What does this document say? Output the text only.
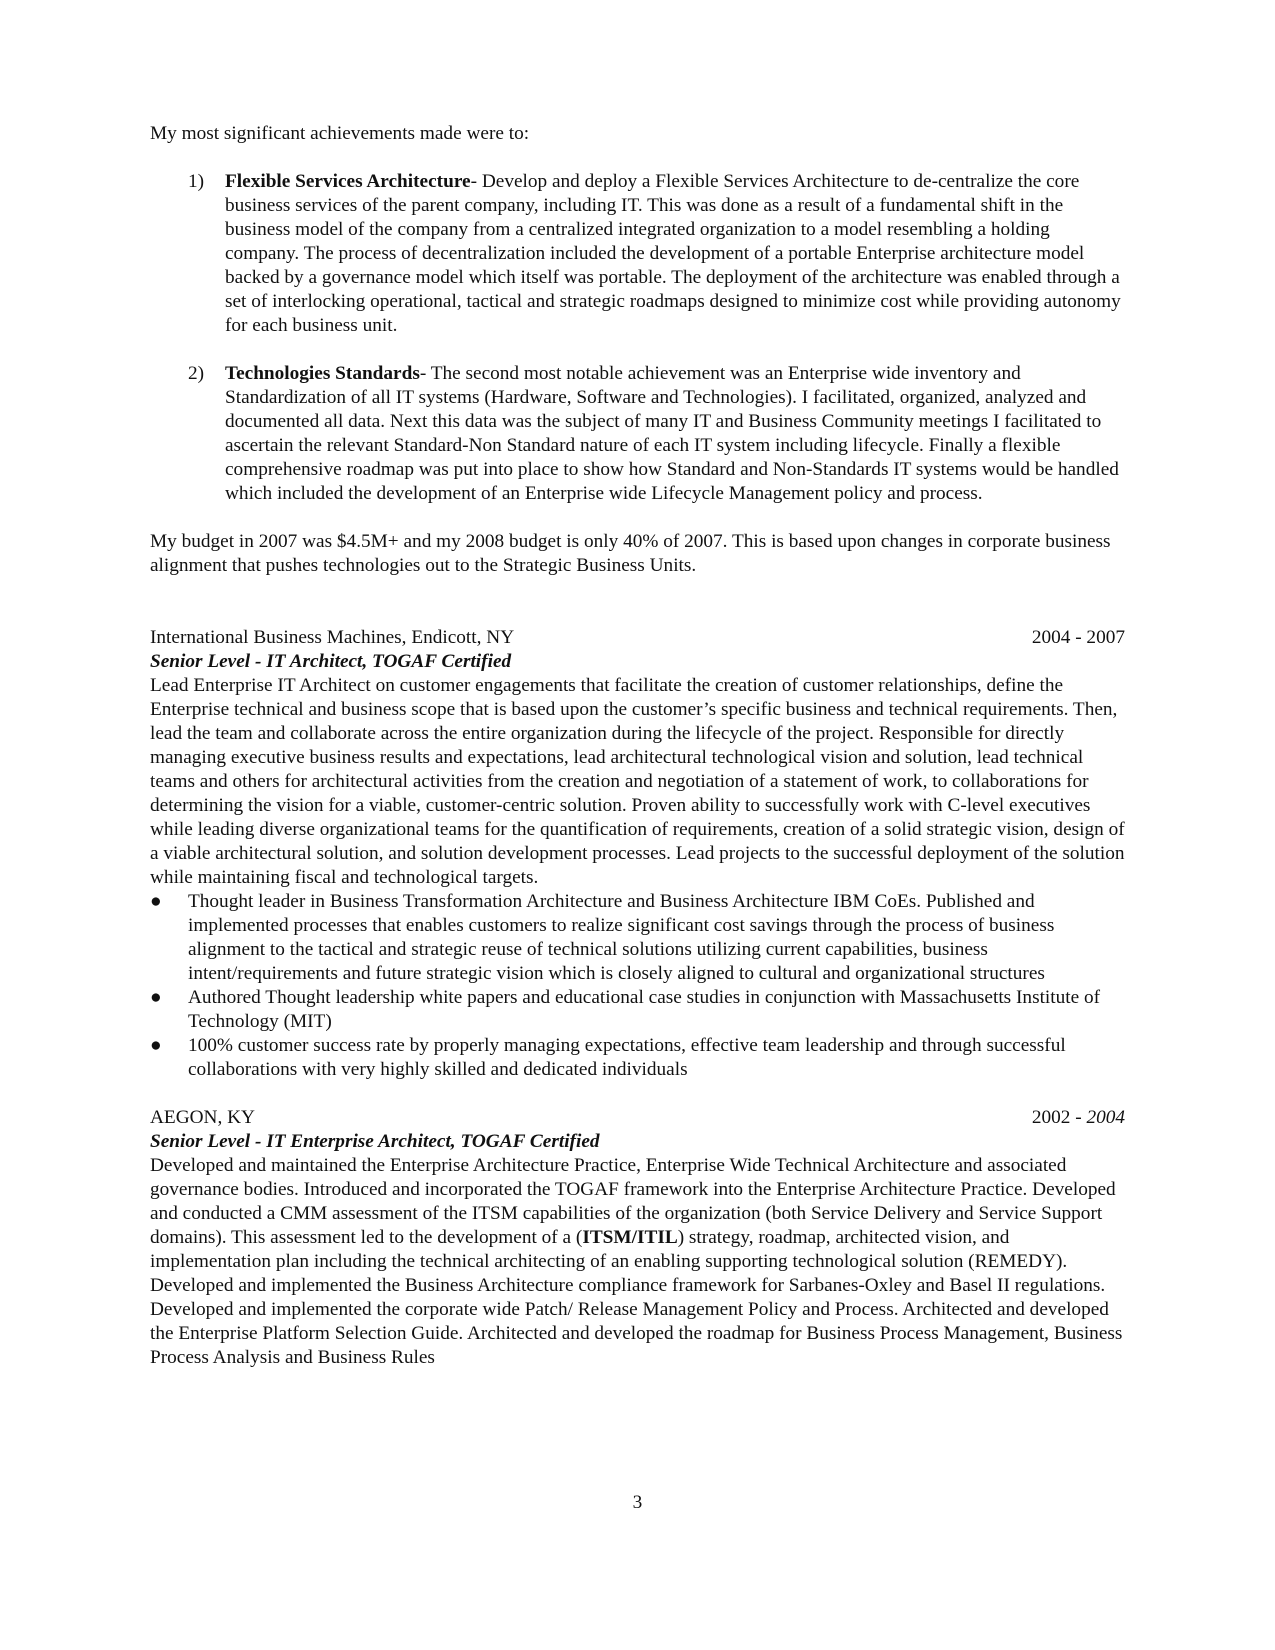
My most significant achievements made were to:

1) Flexible Services Architecture- Develop and deploy a Flexible Services Architecture to de-centralize the core business services of the parent company, including IT. This was done as a result of a fundamental shift in the business model of the company from a centralized integrated organization to a model resembling a holding company. The process of decentralization included the development of a portable Enterprise architecture model backed by a governance model which itself was portable. The deployment of the architecture was enabled through a set of interlocking operational, tactical and strategic roadmaps designed to minimize cost while providing autonomy for each business unit.
2) Technologies Standards- The second most notable achievement was an Enterprise wide inventory and Standardization of all IT systems (Hardware, Software and Technologies). I facilitated, organized, analyzed and documented all data. Next this data was the subject of many IT and Business Community meetings I facilitated to ascertain the relevant Standard-Non Standard nature of each IT system including lifecycle. Finally a flexible comprehensive roadmap was put into place to show how Standard and Non-Standards IT systems would be handled which included the development of an Enterprise wide Lifecycle Management policy and process.

My budget in 2007 was $4.5M+ and my 2008 budget is only 40% of 2007. This is based upon changes in corporate business alignment that pushes technologies out to the Strategic Business Units.

International Business Machines, Endicott, NY	2004 - 2007
Senior Level - IT Architect, TOGAF Certified

Lead Enterprise IT Architect on customer engagements that facilitate the creation of customer relationships, define the Enterprise technical and business scope that is based upon the customer’s specific business and technical requirements. Then, lead the team and collaborate across the entire organization during the lifecycle of the project. Responsible for directly managing executive business results and expectations, lead architectural technological vision and solution, lead technical teams and others for architectural activities from the creation and negotiation of a statement of work, to collaborations for determining the vision for a viable, customer-centric solution. Proven ability to successfully work with C-level executives while leading diverse organizational teams for the quantification of requirements, creation of a solid strategic vision, design of a viable architectural solution, and solution development processes. Lead projects to the successful deployment of the solution while maintaining fiscal and technological targets.

● Thought leader in Business Transformation Architecture and Business Architecture IBM CoEs. Published and implemented processes that enables customers to realize significant cost savings through the process of business alignment to the tactical and strategic reuse of technical solutions utilizing current capabilities, business intent/requirements and future strategic vision which is closely aligned to cultural and organizational structures
● Authored Thought leadership white papers and educational case studies in conjunction with Massachusetts Institute of Technology (MIT)
● 100% customer success rate by properly managing expectations, effective team leadership and through successful collaborations with very highly skilled and dedicated individuals
AEGON, KY	2002 - 2004
Senior Level - IT Enterprise Architect, TOGAF Certified

Developed and maintained the Enterprise Architecture Practice, Enterprise Wide Technical Architecture and associated governance bodies. Introduced and incorporated the TOGAF framework into the Enterprise Architecture Practice. Developed and conducted a CMM assessment of the ITSM capabilities of the organization (both Service Delivery and Service Support domains). This assessment led to the development of a (ITSM/ITIL) strategy, roadmap, architected vision, and implementation plan including the technical architecting of an enabling supporting technological solution (REMEDY). Developed and implemented the Business Architecture compliance framework for Sarbanes-Oxley and Basel II regulations. Developed and implemented the corporate wide Patch/ Release Management Policy and Process. Architected and developed the Enterprise Platform Selection Guide. Architected and developed the roadmap for Business Process Management, Business Process Analysis and Business Rules

3
